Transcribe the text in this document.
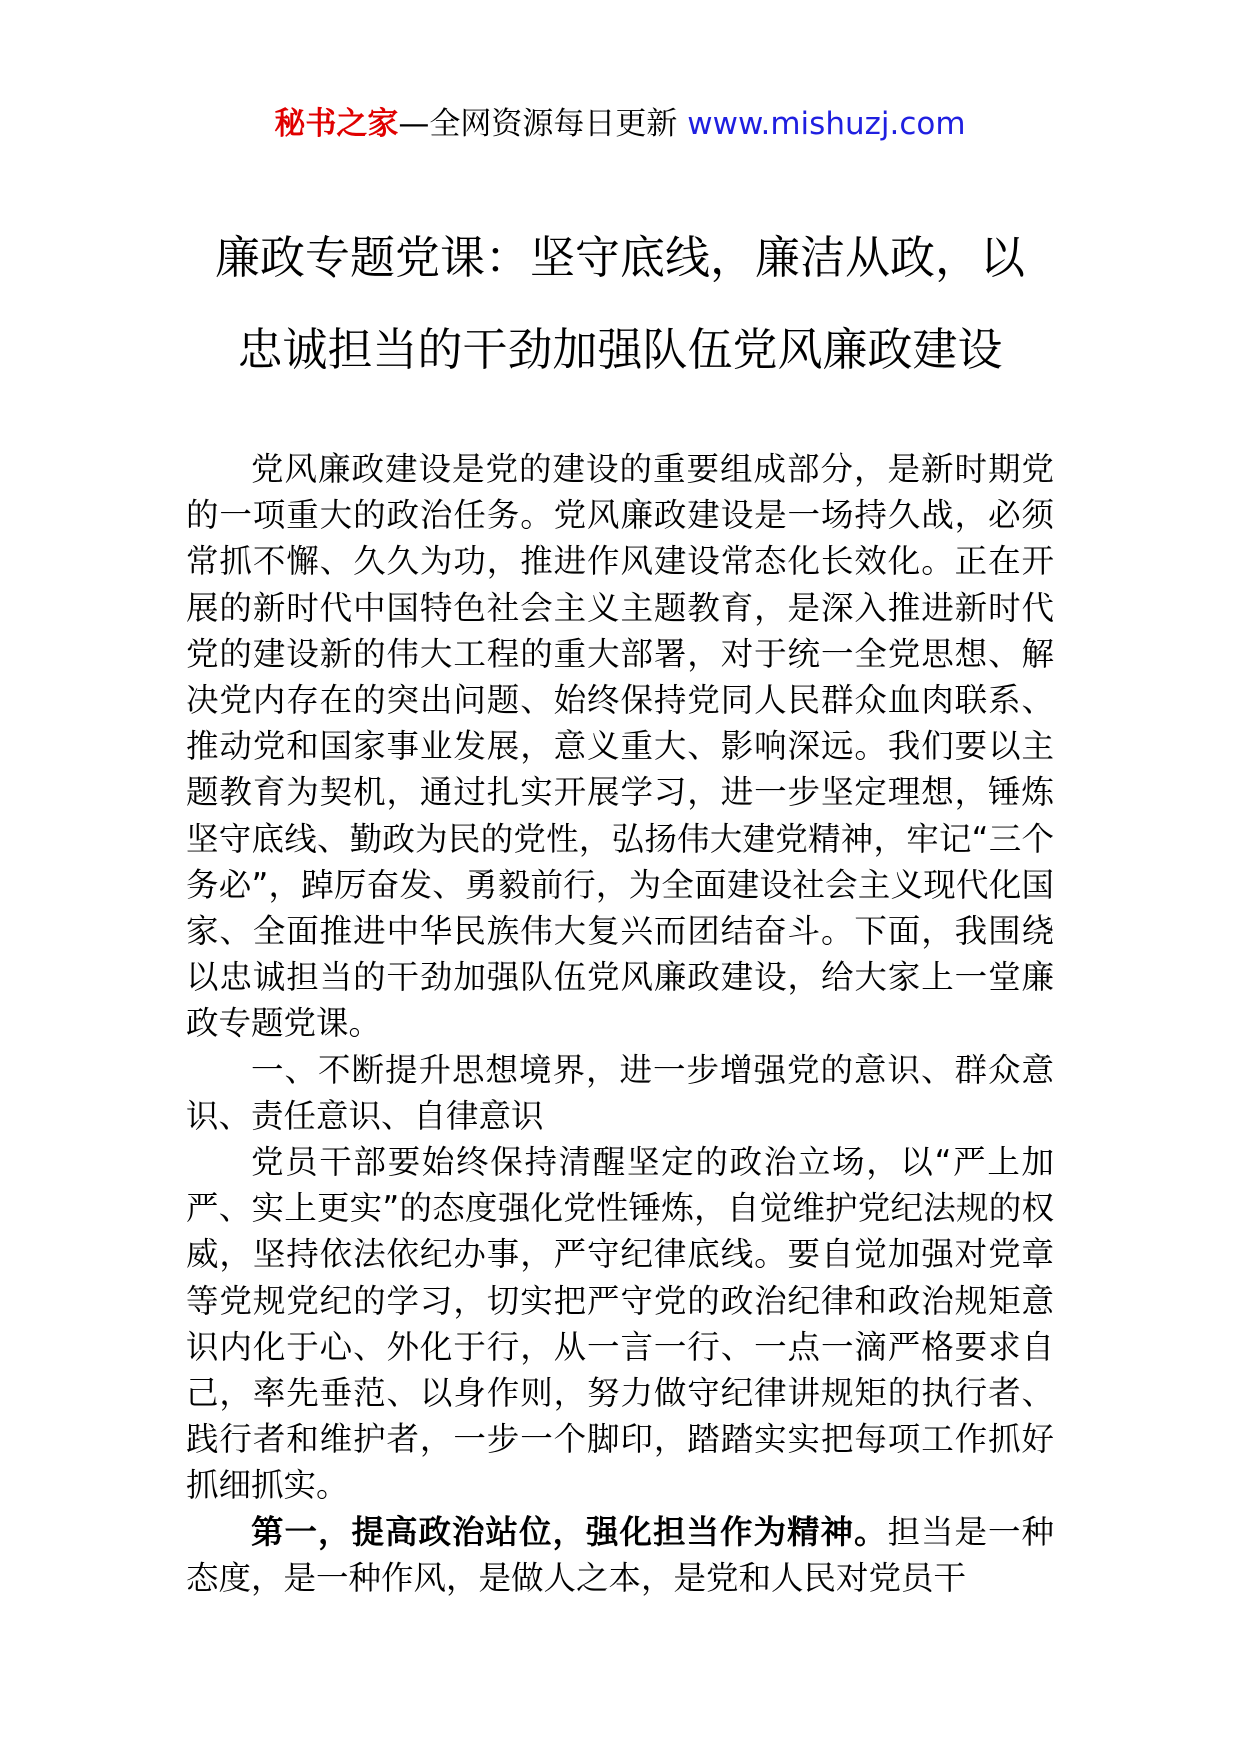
秘书之家—全网资源每日更新 www.mishuzj.com
廉政专题党课：坚守底线，廉洁从政，以
忠诚担当的干劲加强队伍党风廉政建设

党风廉政建设是党的建设的重要组成部分，是新时期党的一项重大的政治任务。党风廉政建设是一场持久战，必须常抓不懈、久久为功，推进作风建设常态化长效化。正在开展的新时代中国特色社会主义主题教育，是深入推进新时代党的建设新的伟大工程的重大部署，对于统一全党思想、解决党内存在的突出问题、始终保持党同人民群众血肉联系、推动党和国家事业发展，意义重大、影响深远。我们要以主题教育为契机，通过扎实开展学习，进一步坚定理想，锤炼坚守底线、勤政为民的党性，弘扬伟大建党精神，牢记“三个务必”，踔厉奋发、勇毅前行，为全面建设社会主义现代化国家、全面推进中华民族伟大复兴而团结奋斗。下面，我围绕以忠诚担当的干劲加强队伍党风廉政建设，给大家上一堂廉政专题党课。

一、不断提升思想境界，进一步增强党的意识、群众意识、责任意识、自律意识

党员干部要始终保持清醒坚定的政治立场，以“严上加严、实上更实”的态度强化党性锤炼，自觉维护党纪法规的权威，坚持依法依纪办事，严守纪律底线。要自觉加强对党章等党规党纪的学习，切实把严守党的政治纪律和政治规矩意识内化于心、外化于行，从一言一行、一点一滴严格要求自己，率先垂范、以身作则，努力做守纪律讲规矩的执行者、践行者和维护者，一步一个脚印，踏踏实实把每项工作抓好抓细抓实。

第一，提高政治站位，强化担当作为精神。担当是一种态度，是一种作风，是做人之本，是党和人民对党员干
